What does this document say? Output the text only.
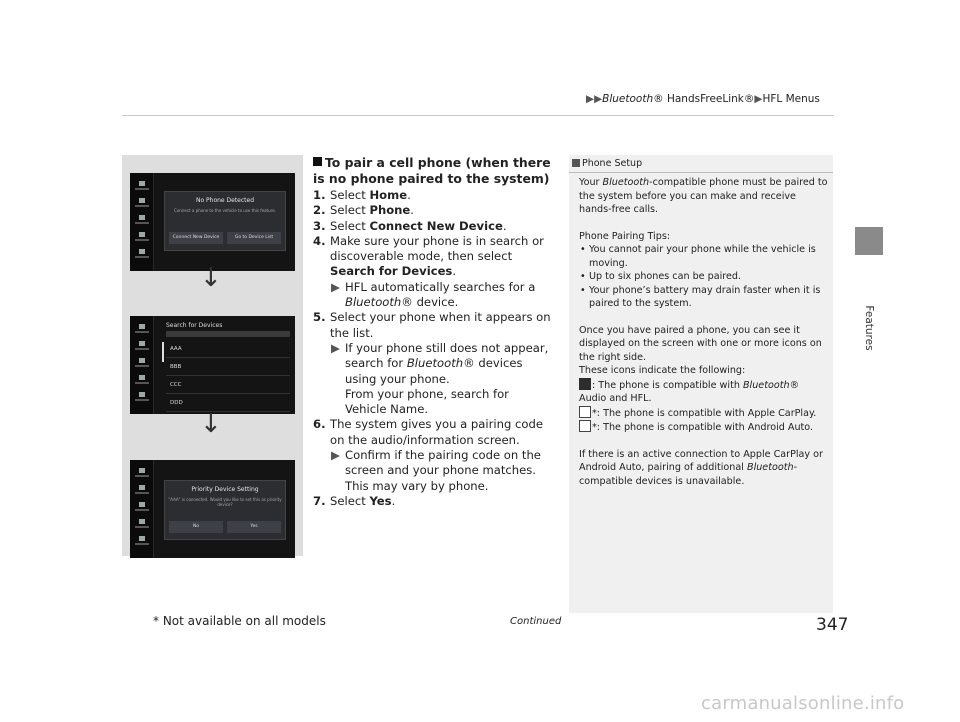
▶▶Bluetooth® HandsFreeLink®▶HFL Menus
Features
No Phone Detected
Connect a phone to the vehicle to use this feature.
Connect New Device	Go to Device List
↓
Search for Devices
AAA
BBB
CCC
DDD
↓
Priority Device Setting
"AAA" is connected. Would you like to set this as priority device?
No	Yes
To pair a cell phone (when there is no phone paired to the system)
1. Select Home.
2. Select Phone.
3. Select Connect New Device.
4. Make sure your phone is in search or discoverable mode, then select Search for Devices.
▶ HFL automatically searches for a Bluetooth® device.
5. Select your phone when it appears on the list.
▶ If your phone still does not appear, search for Bluetooth® devices using your phone.
From your phone, search for Vehicle Name.
6. The system gives you a pairing code on the audio/information screen.
▶ Confirm if the pairing code on the screen and your phone matches.
This may vary by phone.
7. Select Yes.
Phone Setup

Your Bluetooth-compatible phone must be paired to the system before you can make and receive hands-free calls.

Phone Pairing Tips:
• You cannot pair your phone while the vehicle is moving.
• Up to six phones can be paired.
• Your phone’s battery may drain faster when it is paired to the system.
Once you have paired a phone, you can see it displayed on the screen with one or more icons on the right side.
These icons indicate the following:
: The phone is compatible with Bluetooth® Audio and HFL.
*: The phone is compatible with Apple CarPlay.
*: The phone is compatible with Android Auto.

If there is an active connection to Apple CarPlay or Android Auto, pairing of additional Bluetooth-compatible devices is unavailable.

* Not available on all models	Continued	347
carmanualsonline.info
